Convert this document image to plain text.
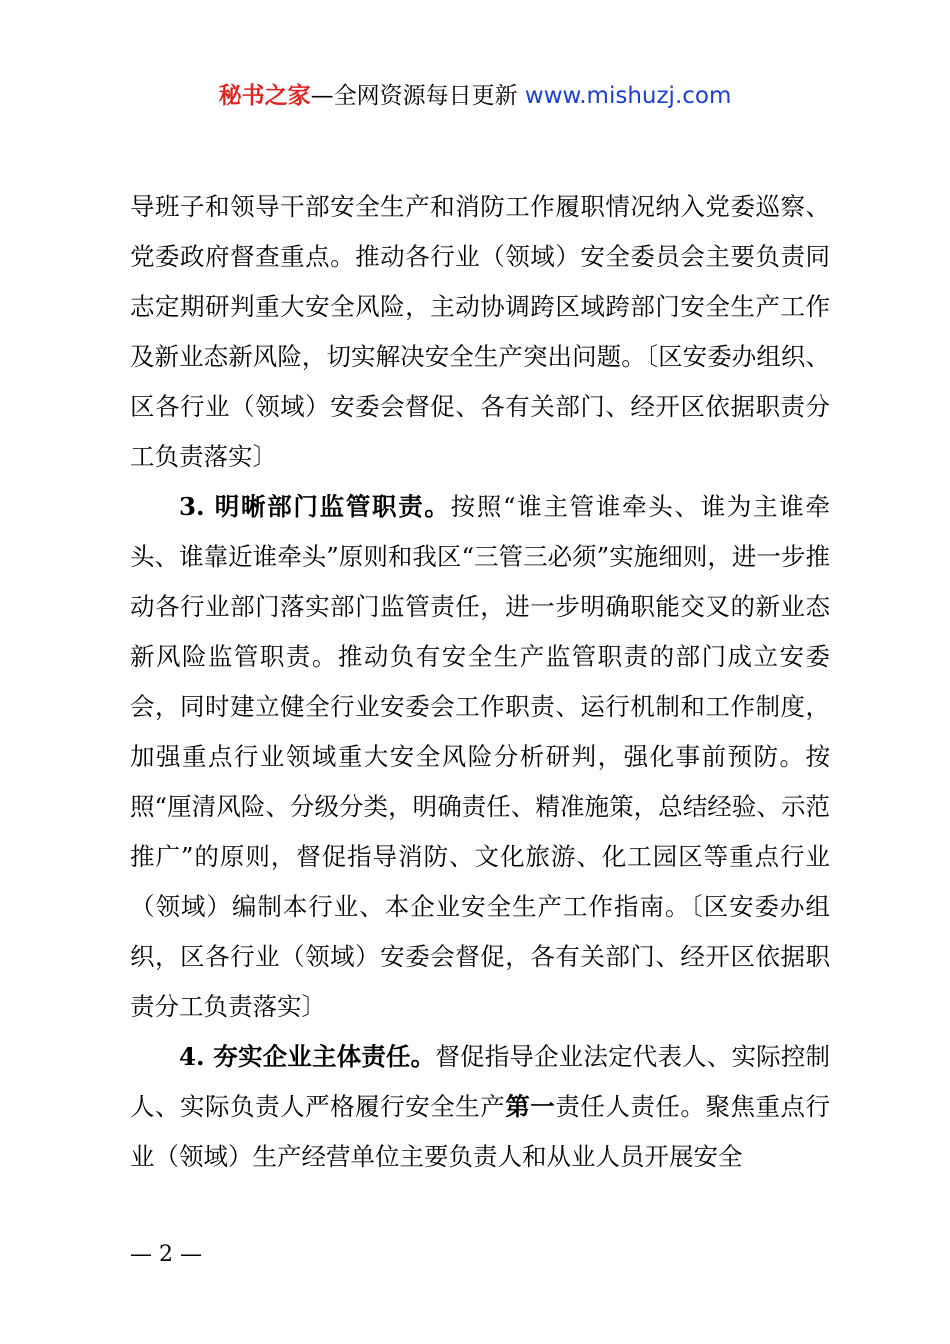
秘书之家—全网资源每日更新 www.mishuzj.com

导班子和领导干部安全生产和消防工作履职情况纳入党委巡察、党委政府督查重点。推动各行业（领域）安全委员会主要负责同志定期研判重大安全风险，主动协调跨区域跨部门安全生产工作及新业态新风险，切实解决安全生产突出问题。〔区安委办组织、区各行业（领域）安委会督促、各有关部门、经开区依据职责分工负责落实〕

3. 明晰部门监管职责。按照“谁主管谁牵头、谁为主谁牵头、谁靠近谁牵头”原则和我区“三管三必须”实施细则，进一步推动各行业部门落实部门监管责任，进一步明确职能交叉的新业态新风险监管职责。推动负有安全生产监管职责的部门成立安委会，同时建立健全行业安委会工作职责、运行机制和工作制度，加强重点行业领域重大安全风险分析研判，强化事前预防。按照“厘清风险、分级分类，明确责任、精准施策，总结经验、示范推广”的原则，督促指导消防、文化旅游、化工园区等重点行业（领域）编制本行业、本企业安全生产工作指南。〔区安委办组织，区各行业（领域）安委会督促，各有关部门、经开区依据职责分工负责落实〕

4. 夯实企业主体责任。督促指导企业法定代表人、实际控制人、实际负责人严格履行安全生产第一责任人责任。聚焦重点行业（领域）生产经营单位主要负责人和从业人员开展安全

— 2 —
